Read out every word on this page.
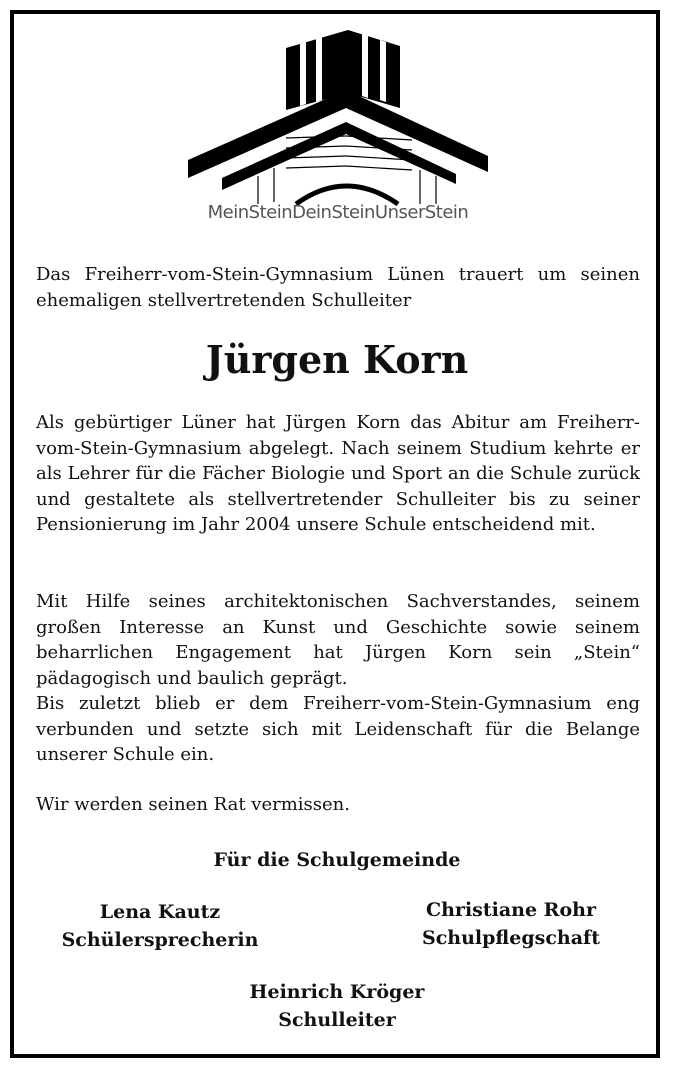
MeinSteinDeinSteinUnserStein

Das Freiherr-vom-Stein-Gymnasium Lünen trauert um seinen ehemaligen stellvertretenden Schulleiter

Jürgen Korn

Als gebürtiger Lüner hat Jürgen Korn das Abitur am Freiherr-vom-Stein-Gymnasium abgelegt. Nach seinem Studium kehrte er als Lehrer für die Fächer Biologie und Sport an die Schule zurück und gestaltete als stellvertretender Schulleiter bis zu seiner Pensionierung im Jahr 2004 unsere Schule entscheidend mit.

Mit Hilfe seines architektonischen Sachverstandes, seinem großen Interesse an Kunst und Geschichte sowie seinem beharrlichen Engagement hat Jürgen Korn sein „Stein“ pädagogisch und baulich geprägt.
Bis zuletzt blieb er dem Freiherr-vom-Stein-Gymnasium eng verbunden und setzte sich mit Leidenschaft für die Belange unserer Schule ein.

Wir werden seinen Rat vermissen.

Für die Schulgemeinde
Lena Kautz
Schülersprecherin
Christiane Rohr
Schulpflegschaft
Heinrich Kröger
Schulleiter
